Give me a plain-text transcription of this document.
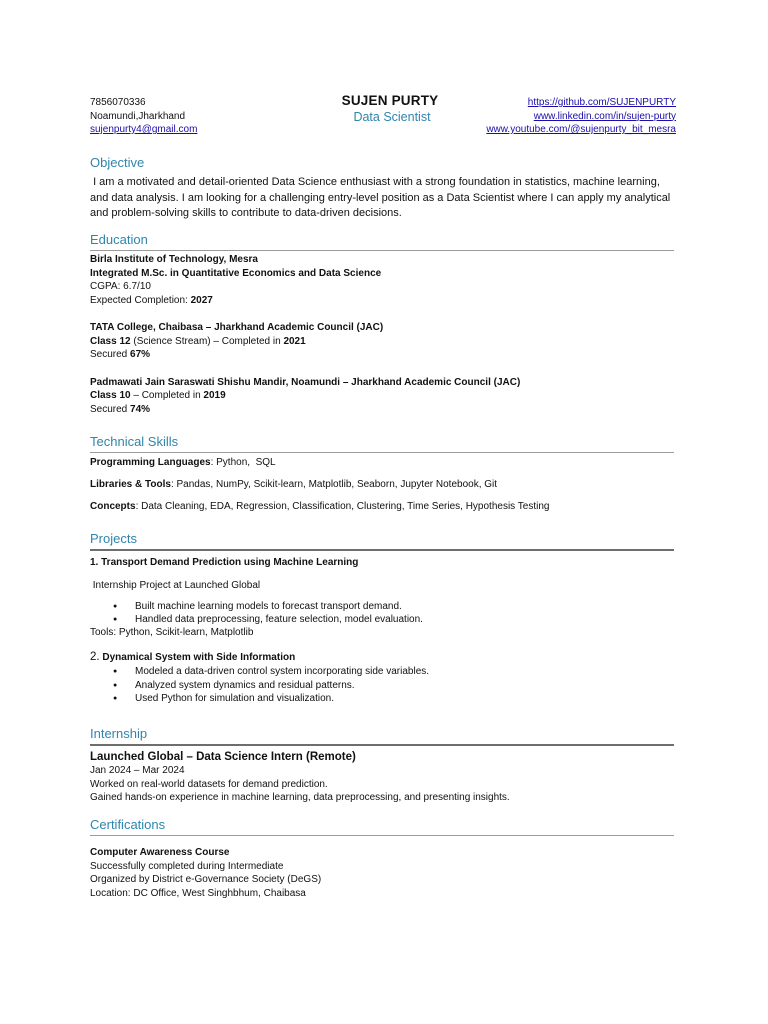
7856070336
Noamundi,Jharkhand
sujenpurty4@gmail.com
SUJEN PURTY
Data Scientist
https://github.com/SUJENPURTY
www.linkedin.com/in/sujen-purty
www.youtube.com/@sujenpurty_bit_mesra
Objective
I am a motivated and detail-oriented Data Science enthusiast with a strong foundation in statistics, machine learning, and data analysis. I am looking for a challenging entry-level position as a Data Scientist where I can apply my analytical and problem-solving skills to contribute to data-driven decisions.
Education
Birla Institute of Technology, Mesra
Integrated M.Sc. in Quantitative Economics and Data Science
CGPA: 6.7/10
Expected Completion: 2027
TATA College, Chaibasa – Jharkhand Academic Council (JAC)
Class 12 (Science Stream) – Completed in 2021
Secured 67%
Padmawati Jain Saraswati Shishu Mandir, Noamundi – Jharkhand Academic Council (JAC)
Class 10 – Completed in 2019
Secured 74%
Technical Skills
Programming Languages: Python,  SQL
Libraries & Tools: Pandas, NumPy, Scikit-learn, Matplotlib, Seaborn, Jupyter Notebook, Git
Concepts: Data Cleaning, EDA, Regression, Classification, Clustering, Time Series, Hypothesis Testing
Projects
1. Transport Demand Prediction using Machine Learning
Internship Project at Launched Global
● Built machine learning models to forecast transport demand.
● Handled data preprocessing, feature selection, model evaluation.
Tools: Python, Scikit-learn, Matplotlib
2. Dynamical System with Side Information
● Modeled a data-driven control system incorporating side variables.
● Analyzed system dynamics and residual patterns.
● Used Python for simulation and visualization.
Internship
Launched Global – Data Science Intern (Remote)
Jan 2024 – Mar 2024
Worked on real-world datasets for demand prediction.
Gained hands-on experience in machine learning, data preprocessing, and presenting insights.
Certifications
Computer Awareness Course
Successfully completed during Intermediate
Organized by District e-Governance Society (DeGS)
Location: DC Office, West Singhbhum, Chaibasa
